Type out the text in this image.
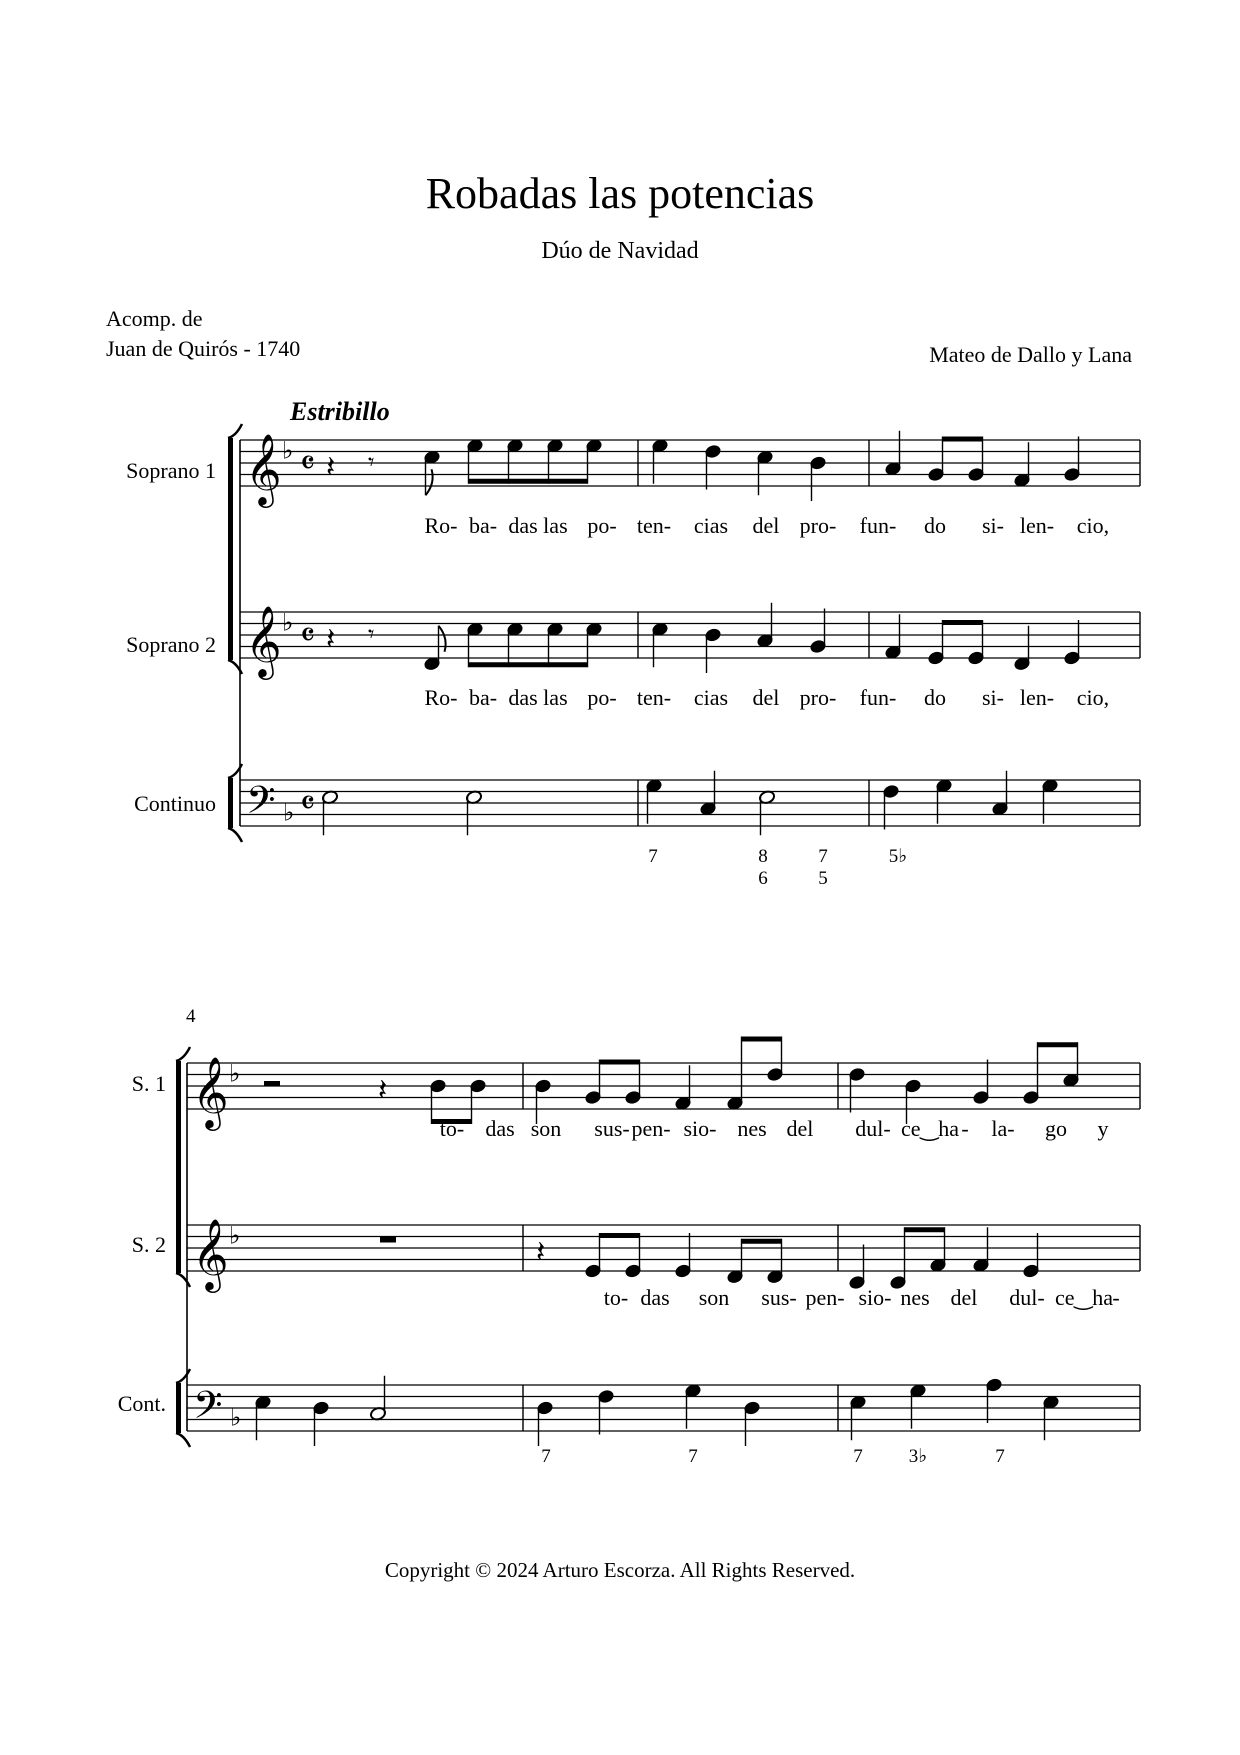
Robadas las potencias
Dúo de Navidad
Acomp. de
Juan de Quirós - 1740	Mateo de Dallo y Lana
Estribillo
Soprano 1
Soprano 2
Continuo
4
S. 1
S. 2
Cont.
𝄞 ♭ 𝄴
𝄞 ♭ 𝄴
𝄢 ♭ 𝄴
𝄽 𝄾
𝄽 𝄾
Ro- ba- das las po- ten- cias del pro- fun- do si- len- cio,
Ro- ba- das las po- ten- cias del pro- fun- do si- len- cio,
7	8
6
7
5
5♭
𝄞 ♭
𝄞 ♭
𝄢 ♭
𝄽
𝄽
to- das son sus- pen- sio- nes del dul- ce‿ha - la- go y
to- das son sus- pen- sio- nes del dul- ce‿ha -
7	7	7 3♭	7
Copyright © 2024 Arturo Escorza. All Rights Reserved.
